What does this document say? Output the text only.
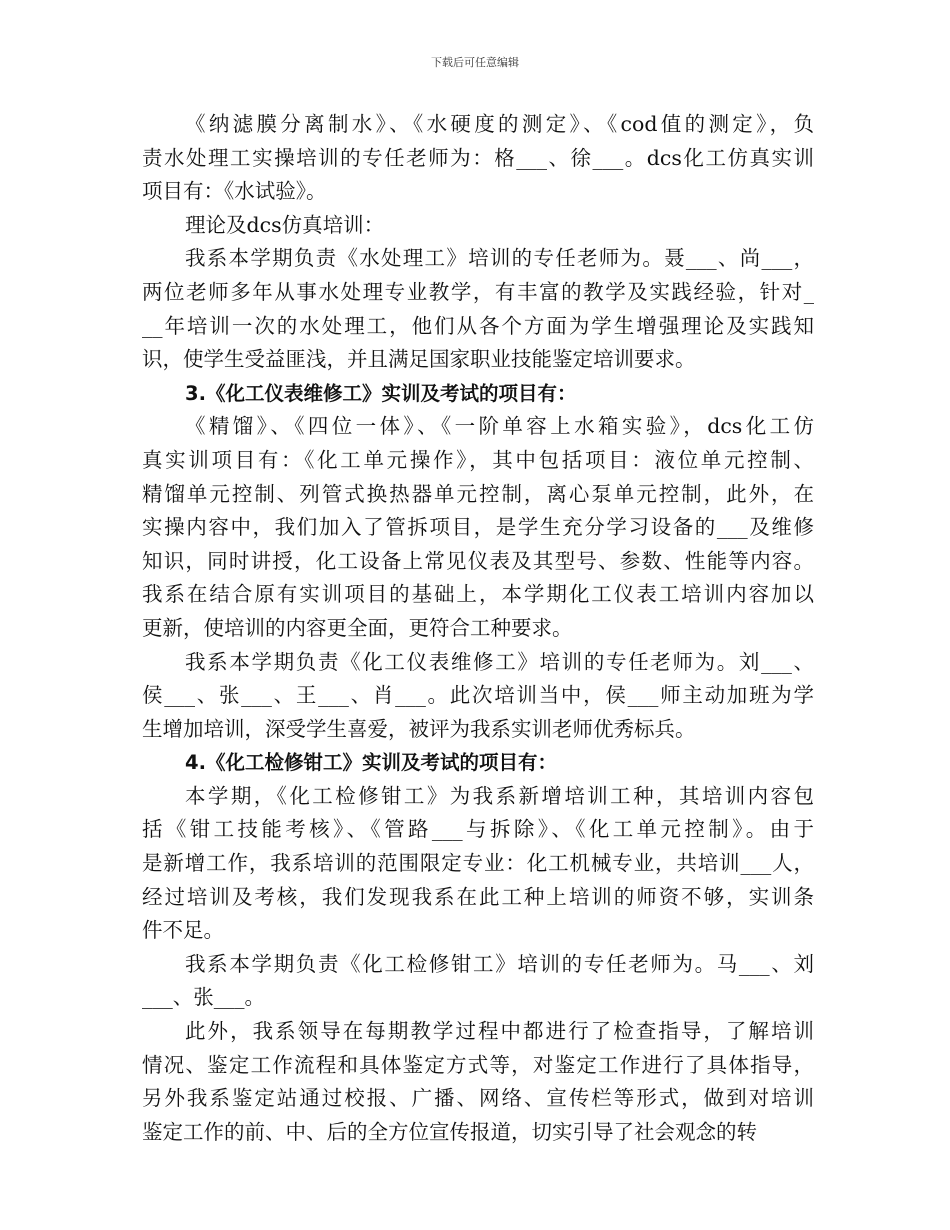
下载后可任意编辑
《纳滤膜分离制水》、《水硬度的测定》、《cod值的测定》，负
责水处理工实操培训的专任老师为：格___、徐___。dcs化工仿真实训
项目有：《水试验》。
理论及dcs仿真培训：
我系本学期负责《水处理工》培训的专任老师为。聂___、尚___，
两位老师多年从事水处理专业教学，有丰富的教学及实践经验，针对_
__年培训一次的水处理工，他们从各个方面为学生增强理论及实践知
识，使学生受益匪浅，并且满足国家职业技能鉴定培训要求。
3.《化工仪表维修工》实训及考试的项目有：
《精馏》、《四位一体》、《一阶单容上水箱实验》，dcs化工仿
真实训项目有：《化工单元操作》，其中包括项目：液位单元控制、
精馏单元控制、列管式换热器单元控制，离心泵单元控制，此外，在
实操内容中，我们加入了管拆项目，是学生充分学习设备的___及维修
知识，同时讲授，化工设备上常见仪表及其型号、参数、性能等内容。
我系在结合原有实训项目的基础上，本学期化工仪表工培训内容加以
更新，使培训的内容更全面，更符合工种要求。
我系本学期负责《化工仪表维修工》培训的专任老师为。刘___、
侯___、张___、王___、肖___。此次培训当中，侯___师主动加班为学
生增加培训，深受学生喜爱，被评为我系实训老师优秀标兵。
4.《化工检修钳工》实训及考试的项目有：
本学期，《化工检修钳工》为我系新增培训工种，其培训内容包
括《钳工技能考核》、《管路___与拆除》、《化工单元控制》。由于
是新增工作，我系培训的范围限定专业：化工机械专业，共培训___人，
经过培训及考核，我们发现我系在此工种上培训的师资不够，实训条
件不足。
我系本学期负责《化工检修钳工》培训的专任老师为。马___、刘
___、张___。
此外，我系领导在每期教学过程中都进行了检查指导，了解培训
情况、鉴定工作流程和具体鉴定方式等，对鉴定工作进行了具体指导，
另外我系鉴定站通过校报、广播、网络、宣传栏等形式，做到对培训
鉴定工作的前、中、后的全方位宣传报道，切实引导了社会观念的转
